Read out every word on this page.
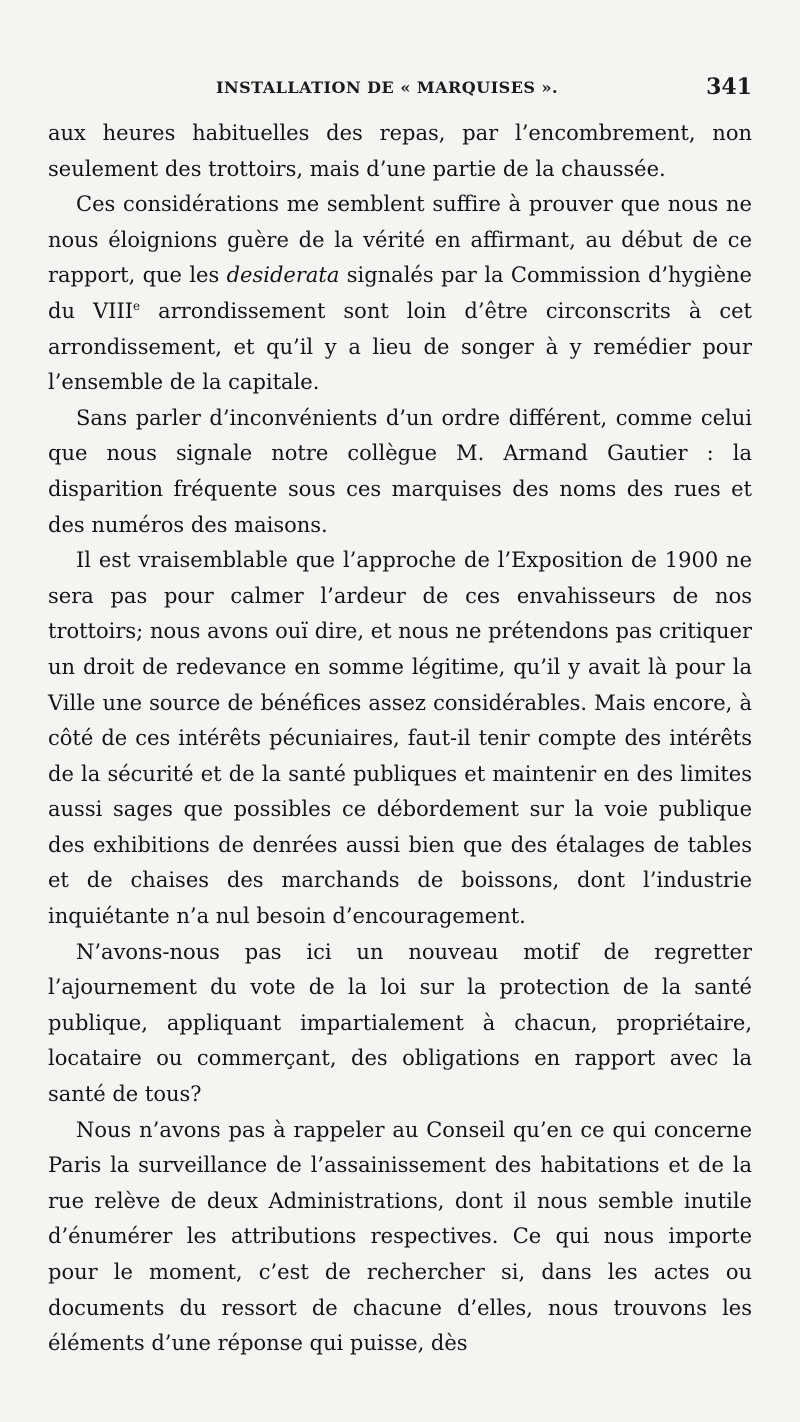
INSTALLATION DE « MARQUISES ».	341

aux heures habituelles des repas, par l’encombrement, non seulement des trottoirs, mais d’une partie de la chaussée.

Ces considérations me semblent suffire à prouver que nous ne nous éloignions guère de la vérité en affirmant, au début de ce rapport, que les desiderata signalés par la Commission d’hygiène du VIIIe arrondissement sont loin d’être circonscrits à cet arrondissement, et qu’il y a lieu de songer à y remédier pour l’ensemble de la capitale.

Sans parler d’inconvénients d’un ordre différent, comme celui que nous signale notre collègue M. Armand Gautier : la disparition fréquente sous ces marquises des noms des rues et des numéros des maisons.

Il est vraisemblable que l’approche de l’Exposition de 1900 ne sera pas pour calmer l’ardeur de ces envahisseurs de nos trottoirs; nous avons ouï dire, et nous ne prétendons pas critiquer un droit de redevance en somme légitime, qu’il y avait là pour la Ville une source de bénéfices assez considérables. Mais encore, à côté de ces intérêts pécuniaires, faut-il tenir compte des intérêts de la sécurité et de la santé publiques et maintenir en des limites aussi sages que possibles ce débordement sur la voie publique des exhibitions de denrées aussi bien que des étalages de tables et de chaises des marchands de boissons, dont l’industrie inquiétante n’a nul besoin d’encouragement.

N’avons-nous pas ici un nouveau motif de regretter l’ajournement du vote de la loi sur la protection de la santé publique, appliquant impartialement à chacun, propriétaire, locataire ou commerçant, des obligations en rapport avec la santé de tous?

Nous n’avons pas à rappeler au Conseil qu’en ce qui concerne Paris la surveillance de l’assainissement des habitations et de la rue relève de deux Administrations, dont il nous semble inutile d’énumérer les attributions respectives. Ce qui nous importe pour le moment, c’est de rechercher si, dans les actes ou documents du ressort de chacune d’elles, nous trouvons les éléments d’une réponse qui puisse, dès
